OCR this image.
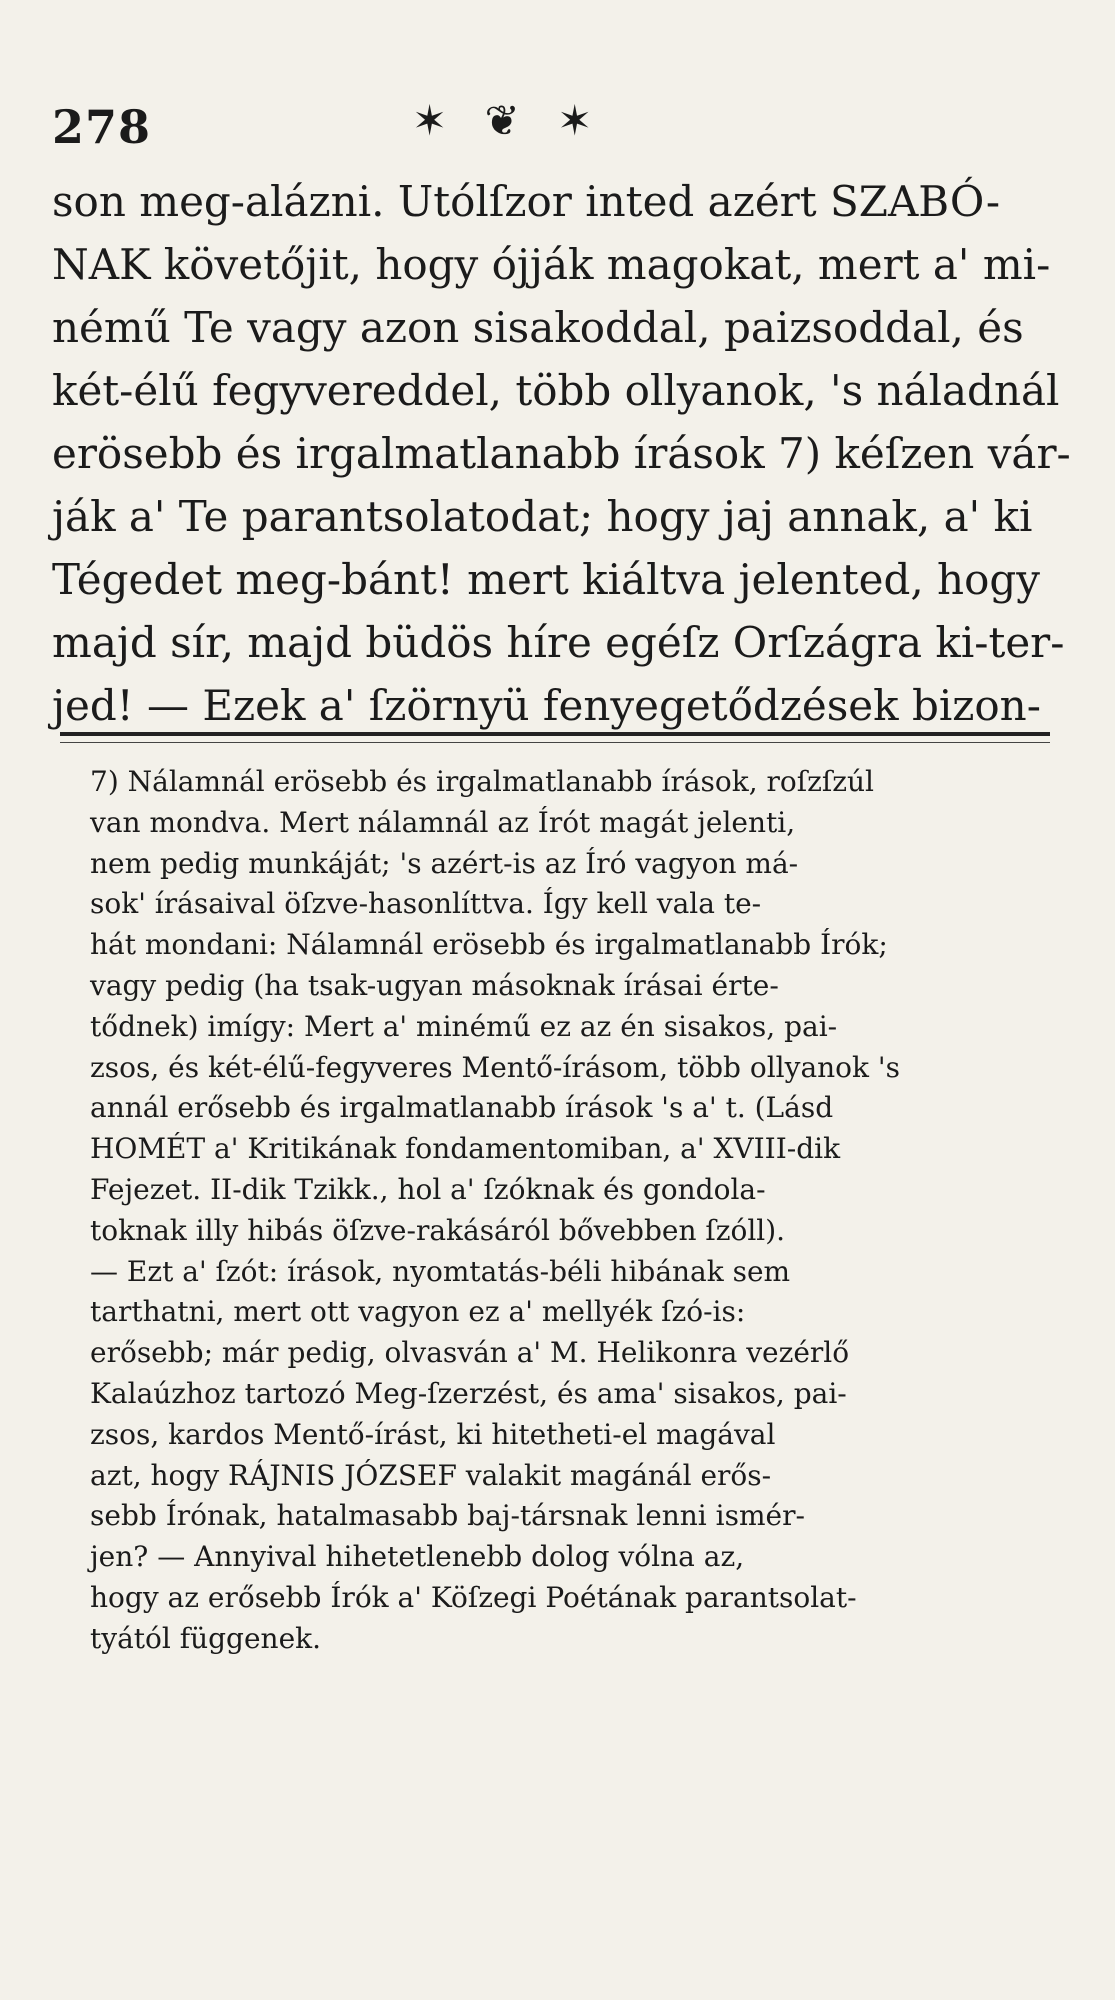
278	✶ ❦ ✶
son meg-alázni. Utólſzor inted azért SZABÓ-
NAK követőjit, hogy ójják magokat, mert a' mi-
némű Te vagy azon sisakoddal, paizsoddal, és
két-élű fegyvereddel, több ollyanok, 's náladnál
erösebb és irgalmatlanabb írások 7) kéſzen vár-
ják a' Te parantsolatodat; hogy jaj annak, a' ki
Tégedet meg-bánt! mert kiáltva jelented, hogy
majd sír, majd büdös híre egéſz Orſzágra ki-ter-
jed! — Ezek a' ſzörnyü fenyegetődzések bizon-
7) Nálamnál erösebb és irgalmatlanabb írások, roſzſzúl
van mondva. Mert nálamnál az Írót magát jelenti,
nem pedig munkáját; 's azért-is az Író vagyon má-
sok' írásaival öſzve-hasonlíttva. Így kell vala te-
hát mondani: Nálamnál erösebb és irgalmatlanabb Írók;
vagy pedig (ha tsak-ugyan másoknak írásai érte-
tődnek) imígy: Mert a' minémű ez az én sisakos, pai-
zsos, és két-élű-fegyveres Mentő-írásom, több ollyanok 's
annál erősebb és irgalmatlanabb írások 's a' t. (Lásd
HOMÉT a' Kritikának fondamentomiban, a' XVIII-dik
Fejezet. II-dik Tzikk., hol a' ſzóknak és gondola-
toknak illy hibás öſzve-rakásáról bővebben ſzóll).
— Ezt a' ſzót: írások, nyomtatás-béli hibának sem
tarthatni, mert ott vagyon ez a' mellyék ſzó-is:
erősebb; már pedig, olvasván a' M. Helikonra vezérlő
Kalaúzhoz tartozó Meg-ſzerzést, és ama' sisakos, pai-
zsos, kardos Mentő-írást, ki hitetheti-el magával
azt, hogy RÁJNIS JÓZSEF valakit magánál erős-
sebb Írónak, hatalmasabb baj-társnak lenni ismér-
jen? — Annyival hihetetlenebb dolog vólna az,
hogy az erősebb Írók a' Köſzegi Poétának parantsolat-
tyától függenek.
